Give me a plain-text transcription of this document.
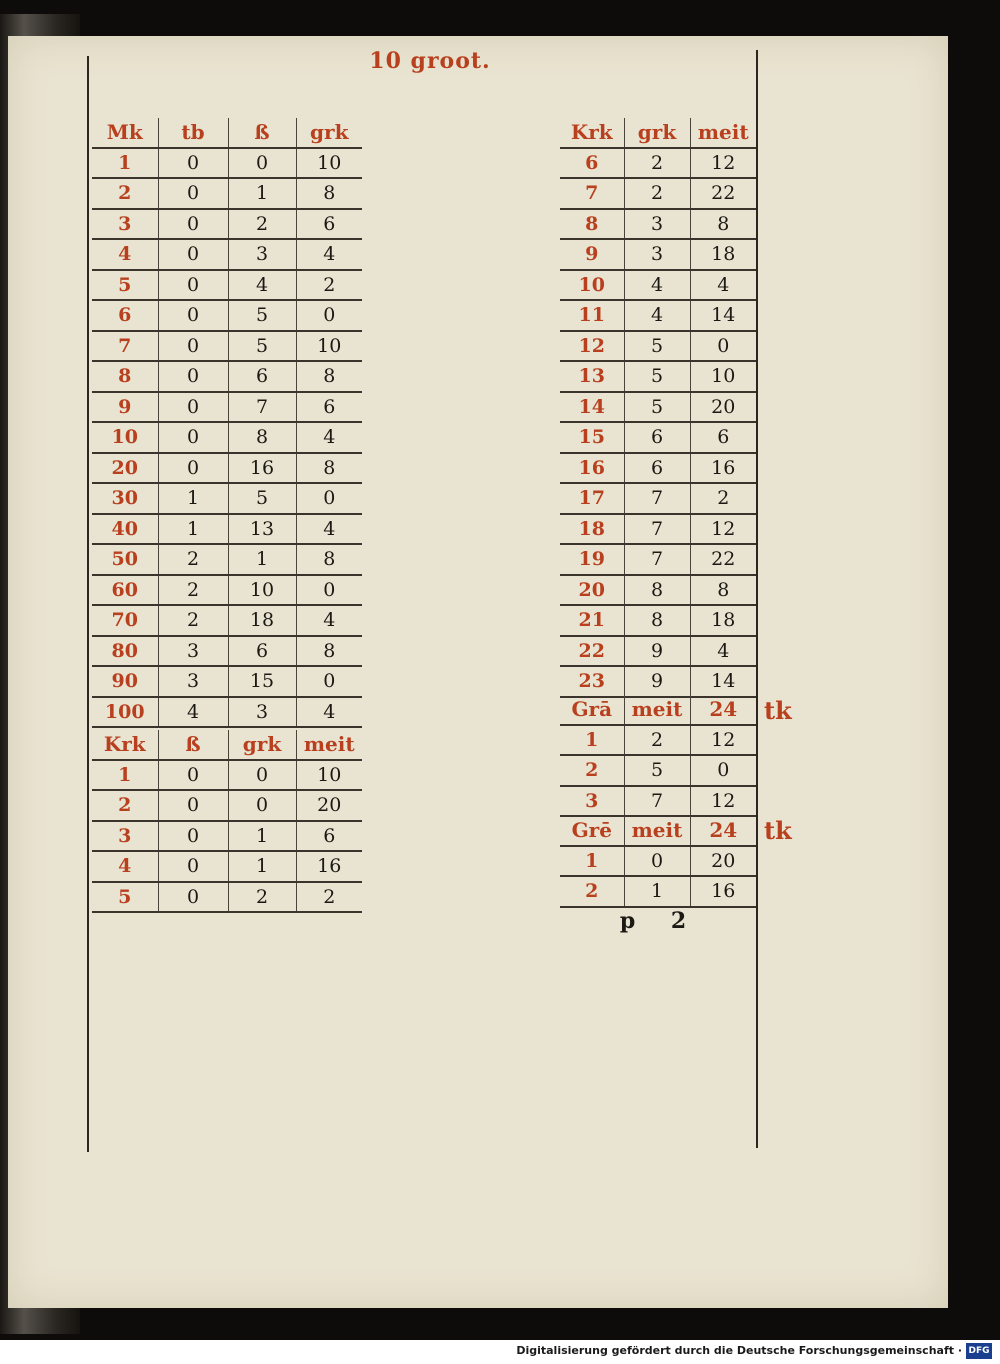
10 groot.
Mk	tb	ß	grk
1	0	0	10
2	0	1	8
3	0	2	6
4	0	3	4
5	0	4	2
6	0	5	0
7	0	5	10
8	0	6	8
9	0	7	6
10	0	8	4
20	0	16	8
30	1	5	0
40	1	13	4
50	2	1	8
60	2	10	0
70	2	18	4
80	3	6	8
90	3	15	0
100	4	3	4
Krk	ß	grk	meit
1	0	0	10
2	0	0	20
3	0	1	6
4	0	1	16
5	0	2	2
Krk	grk	meit
6	2	12
7	2	22
8	3	8
9	3	18
10	4	4
11	4	14
12	5	0
13	5	10
14	5	20
15	6	6
16	6	16
17	7	2
18	7	12
19	7	22
20	8	8
21	8	18
22	9	4
23	9	14
Grā	meit	24
1	2	12
2	5	0
3	7	12
Grē	meit	24
1	0	20
2	1	16
tk
tk
p 2
Digitalisierung gefördert durch die Deutsche Forschungsgemeinschaft · DFG
